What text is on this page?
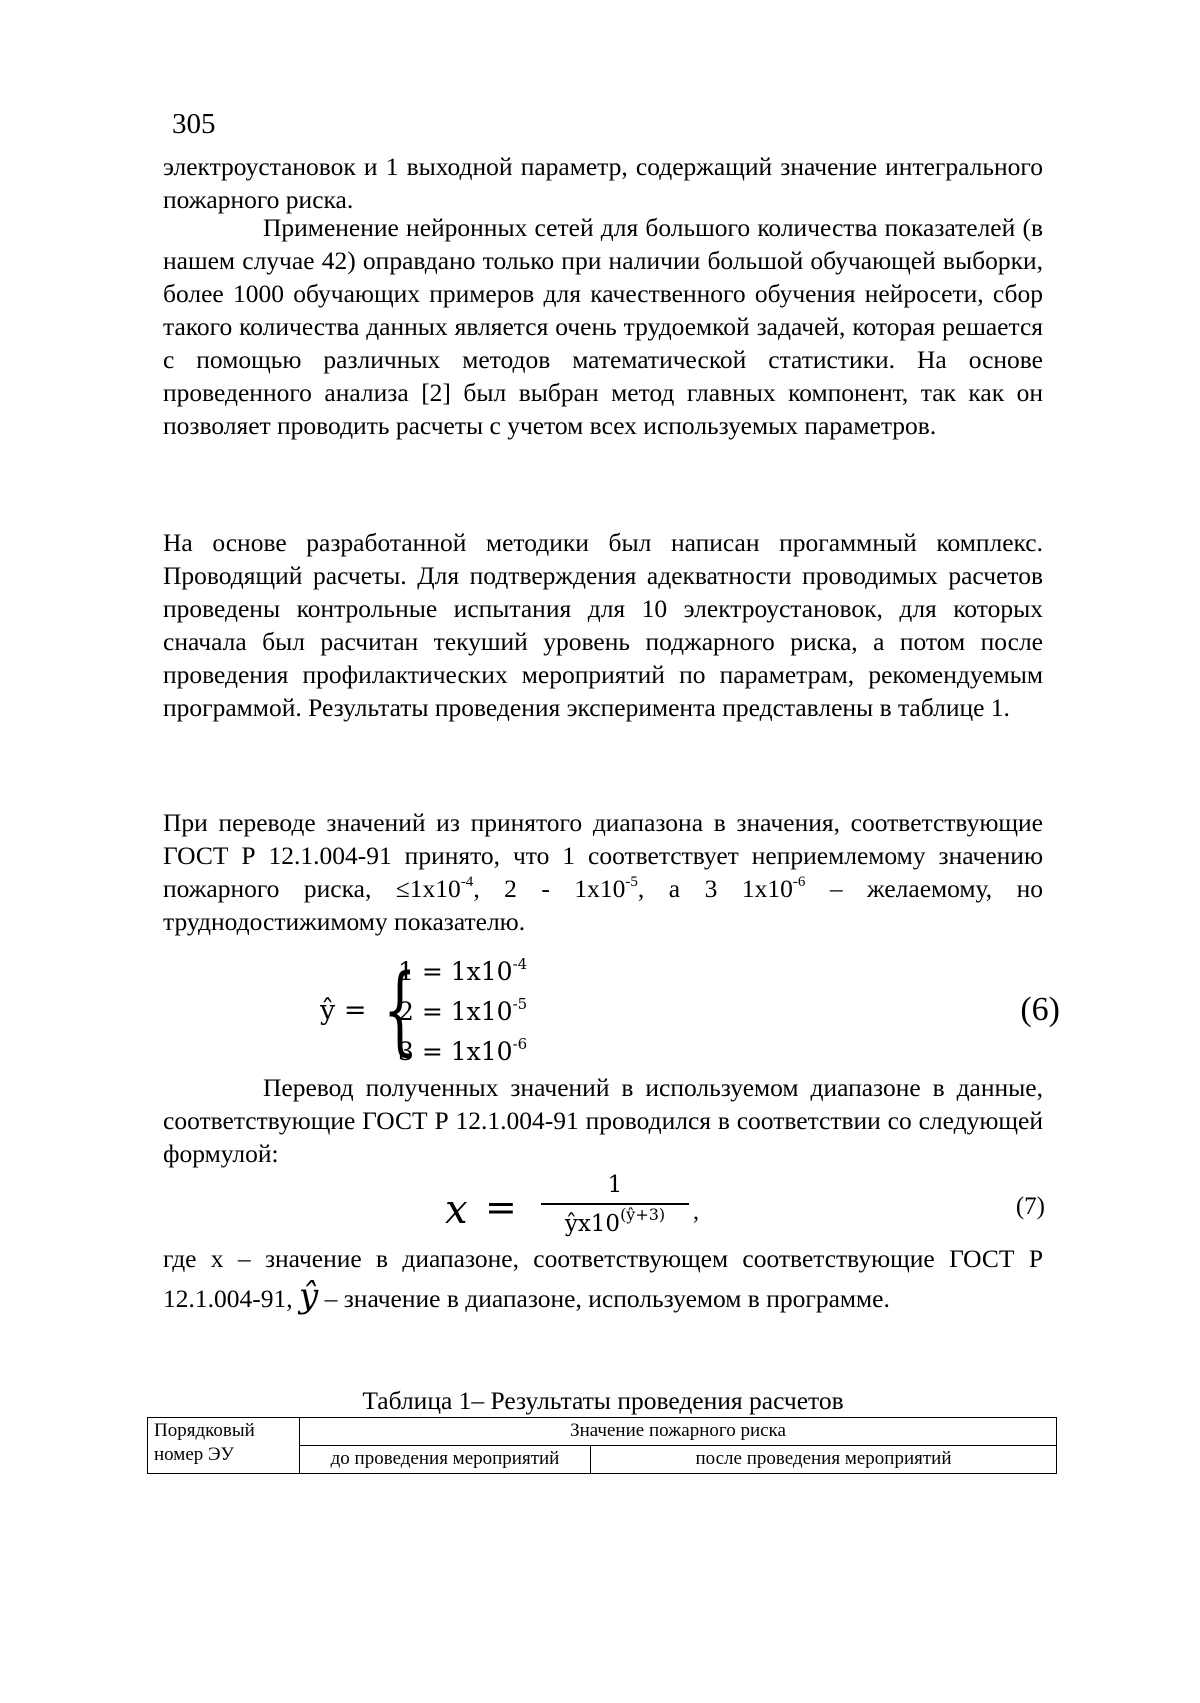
305

электроустановок и 1 выходной параметр, содержащий значение интегрального пожарного риска.

Применение нейронных сетей для большого количества показателей (в нашем случае 42) оправдано только при наличии большой обучающей выборки, более 1000 обучающих примеров для качественного обучения нейросети, сбор такого количества данных является очень трудоемкой задачей, которая решается с помощью различных методов математической статистики. На основе проведенного анализа [2] был выбран метод главных компонент, так как он позволяет проводить расчеты с учетом всех используемых параметров.

На основе разработанной методики был написан прогаммный комплекс. Проводящий расчеты. Для подтверждения адекватности проводимых расчетов проведены контрольные испытания для 10 электроустановок, для которых сначала был расчитан текуший уровень поджарного риска, а потом после проведения профилактических мероприятий по параметрам, рекомендуемым программой. Результаты проведения эксперимента представлены в таблице 1.

При переводе значений из принятого диапазона в значения, соответствующие ГОСТ Р 12.1.004-91 принято, что 1 соответствует неприемлемому значению пожарного риска, $\le 1x10^{-4}$, $2 - 1x10^{-5}$, а 3 $1x10^{-6}$ – желаемому, но труднодостижимому показателю.

ŷ = {
$1 = 1x10^{-4}$
$2 = 1x10^{-5}$
$3 = 1x10^{-6}$
(6)

Перевод полученных значений в используемом диапазоне в данные, соответствующие ГОСТ Р 12.1.004-91 проводился в соответствии со следующей формулой:

x =	1
$ŷx10^{(ŷ+3)}$	,	(7)

где x – значение в диапазоне, соответствующем соответствующие ГОСТ Р 12.1.004-91, ŷ – значение в диапазоне, используемом в программе.

Таблица 1– Результаты проведения расчетов
Порядковый номер ЭУ	Значение пожарного риска	
	до проведения мероприятий	после проведения мероприятий
